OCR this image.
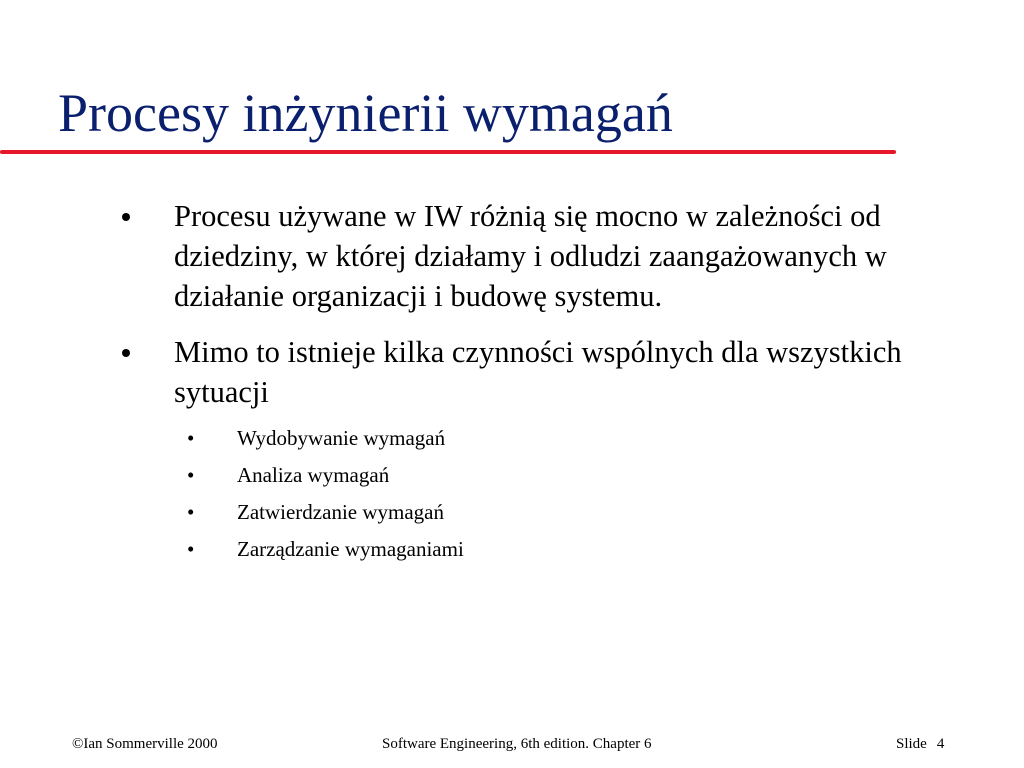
Procesy inżynierii wymagań
Procesu używane w IW różnią się mocno w zależności od dziedziny, w której działamy i odludzi zaangażowanych w działanie organizacji i budowę systemu.
Mimo to istnieje kilka czynności wspólnych dla wszystkich sytuacji
• Wydobywanie wymagań
• Analiza wymagań
• Zatwierdzanie wymagań
• Zarządzanie wymaganiami
©Ian Sommerville 2000	Software Engineering, 6th edition. Chapter 6	Slide 4
